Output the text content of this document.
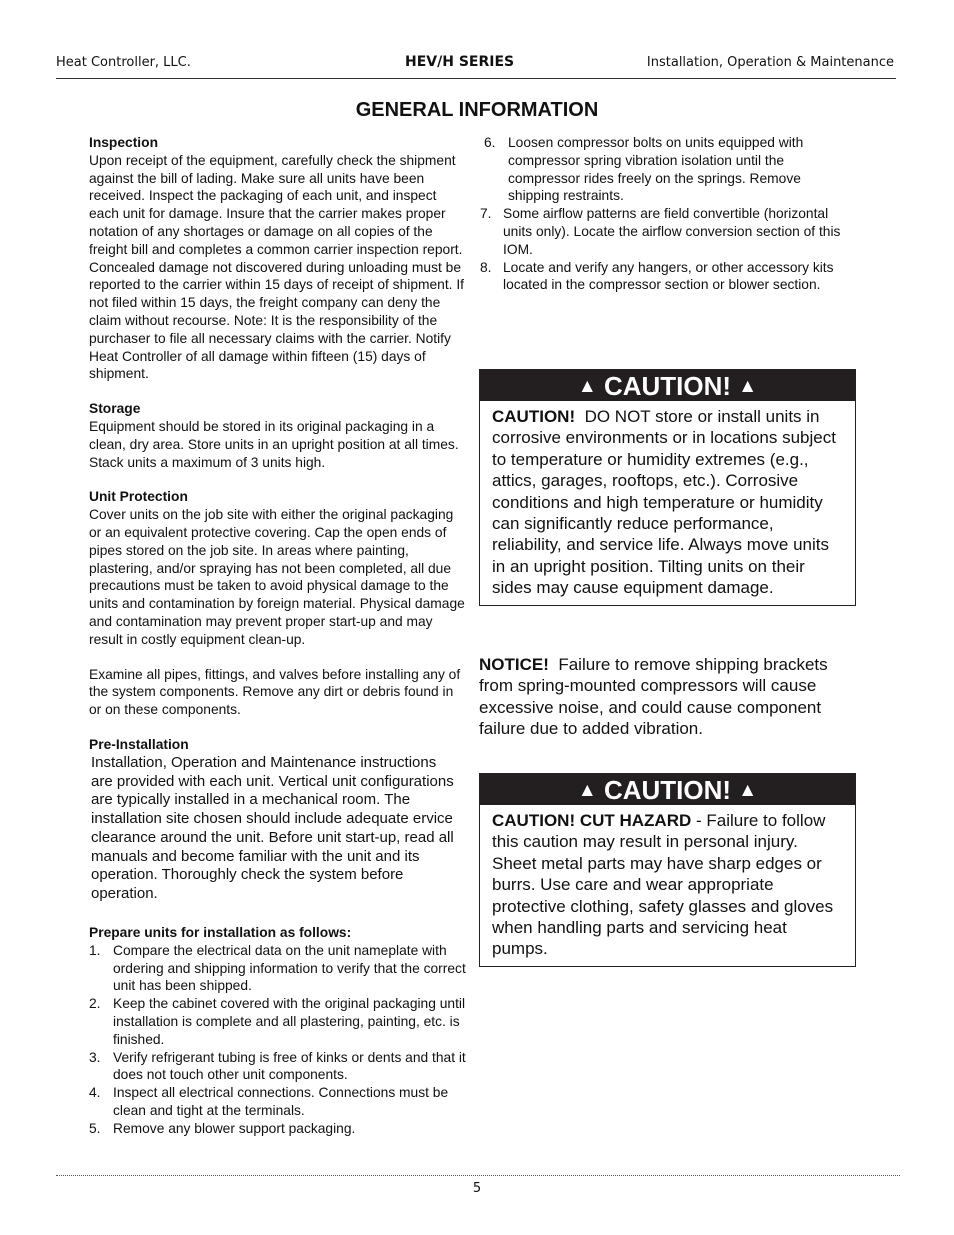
Heat Controller, LLC.	HEV/H SERIES	Installation, Operation & Maintenance
GENERAL INFORMATION

Inspection

Upon receipt of the equipment, carefully check the shipment against the bill of lading. Make sure all units have been received. Inspect the packaging of each unit, and inspect each unit for damage. Insure that the carrier makes proper notation of any shortages or damage on all copies of the freight bill and completes a common carrier inspection report. Concealed damage not discovered during unloading must be reported to the carrier within 15 days of receipt of shipment. If not filed within 15 days, the freight company can deny the claim without recourse. Note: It is the responsibility of the purchaser to file all necessary claims with the carrier. Notify Heat Controller of all damage within fifteen (15) days of shipment.

Storage

Equipment should be stored in its original packaging in a clean, dry area. Store units in an upright position at all times. Stack units a maximum of 3 units high.

Unit Protection

Cover units on the job site with either the original packaging or an equivalent protective covering. Cap the open ends of pipes stored on the job site. In areas where painting, plastering, and/or spraying has not been completed, all due precautions must be taken to avoid physical damage to the units and contamination by foreign material. Physical damage and contamination may prevent proper start-up and may result in costly equipment clean-up.

Examine all pipes, fittings, and valves before installing any of the system components. Remove any dirt or debris found in or on these components.

Pre-Installation

Installation, Operation and Maintenance instructions are provided with each unit. Vertical unit configurations are typically installed in a mechanical room. The installation site chosen should include adequate ervice clearance around the unit. Before unit start-up, read all manuals and become familiar with the unit and its operation. Thoroughly check the system before operation.

Prepare units for installation as follows:

1. Compare the electrical data on the unit nameplate with ordering and shipping information to verify that the correct unit has been shipped.
2. Keep the cabinet covered with the original packaging until installation is complete and all plastering, painting, etc. is finished.
3. Verify refrigerant tubing is free of kinks or dents and that it does not touch other unit components.
4. Inspect all electrical connections. Connections must be clean and tight at the terminals.
5. Remove any blower support packaging.
6. Loosen compressor bolts on units equipped with compressor spring vibration isolation until the compressor rides freely on the springs. Remove shipping restraints.
7. Some airflow patterns are field convertible (horizontal units only). Locate the airflow conversion section of this IOM.
8. Locate and verify any hangers, or other accessory kits located in the compressor section or blower section.
▲ CAUTION! ▲
CAUTION! DO NOT store or install units in corrosive environments or in locations subject to temperature or humidity extremes (e.g., attics, garages, rooftops, etc.). Corrosive conditions and high temperature or humidity can significantly reduce performance, reliability, and service life. Always move units in an upright position. Tilting units on their sides may cause equipment damage.
NOTICE! Failure to remove shipping brackets from spring-mounted compressors will cause excessive noise, and could cause component failure due to added vibration.
▲ CAUTION! ▲
CAUTION! CUT HAZARD - Failure to follow this caution may result in personal injury. Sheet metal parts may have sharp edges or burrs. Use care and wear appropriate protective clothing, safety glasses and gloves when handling parts and servicing heat pumps.
5
